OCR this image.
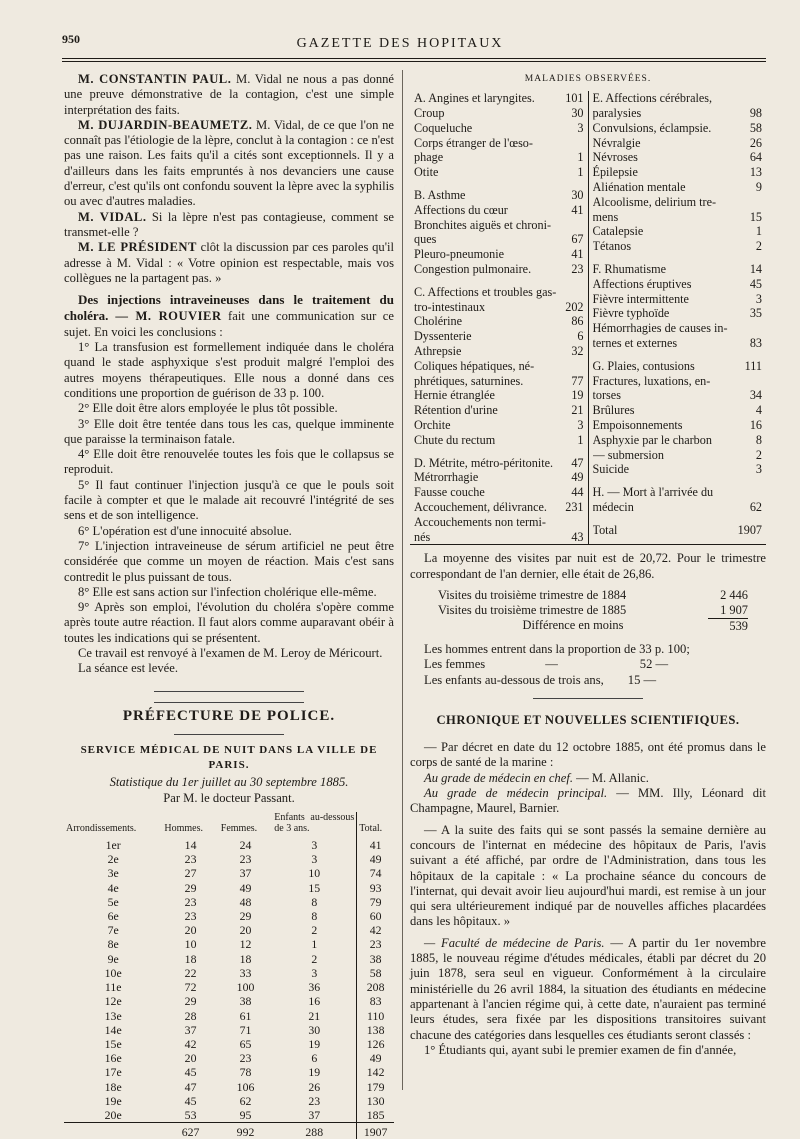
950	GAZETTE DES HOPITAUX

M. CONSTANTIN PAUL. M. Vidal ne nous a pas donné une preuve démonstrative de la contagion, c'est une simple interprétation des faits.

M. DUJARDIN-BEAUMETZ. M. Vidal, de ce que l'on ne connaît pas l'étiologie de la lèpre, conclut à la contagion : ce n'est pas une raison. Les faits qu'il a cités sont exceptionnels. Il y a d'ailleurs dans les faits empruntés à nos devanciers une cause d'erreur, c'est qu'ils ont confondu souvent la lèpre avec la syphilis ou avec d'autres maladies.

M. VIDAL. Si la lèpre n'est pas contagieuse, comment se transmet-elle ?

M. LE PRÉSIDENT clôt la discussion par ces paroles qu'il adresse à M. Vidal : « Votre opinion est respectable, mais vos collègues ne la partagent pas. »

Des injections intraveineuses dans le traitement du choléra. — M. ROUVIER fait une communication sur ce sujet. En voici les conclusions :

1° La transfusion est formellement indiquée dans le choléra quand le stade asphyxique s'est produit malgré l'emploi des autres moyens thérapeutiques. Elle nous a donné dans ces conditions une proportion de guérison de 33 p. 100.

2° Elle doit être alors employée le plus tôt possible.

3° Elle doit être tentée dans tous les cas, quelque imminente que paraisse la terminaison fatale.

4° Elle doit être renouvelée toutes les fois que le collapsus se reproduit.

5° Il faut continuer l'injection jusqu'à ce que le pouls soit facile à compter et que le malade ait recouvré l'intégrité de ses sens et de son intelligence.

6° L'opération est d'une innocuité absolue.

7° L'injection intraveineuse de sérum artificiel ne peut être considérée que comme un moyen de réaction. Mais c'est sans contredit le plus puissant de tous.

8° Elle est sans action sur l'infection cholérique elle-même.

9° Après son emploi, l'évolution du choléra s'opère comme après toute autre réaction. Il faut alors comme auparavant obéir à toutes les indications qui se présentent.

Ce travail est renvoyé à l'examen de M. Leroy de Méricourt.

La séance est levée.

PRÉFECTURE DE POLICE.
SERVICE MÉDICAL DE NUIT DANS LA VILLE DE PARIS.

Statistique du 1er juillet au 30 septembre 1885.

Par M. le docteur Passant.

Arrondissements.	Hommes.	Femmes.	Enfants au-dessous de 3 ans.	Total.
1er	14	24	3	41
2e	23	23	3	49
3e	27	37	10	74
4e	29	49	15	93
5e	23	48	8	79
6e	23	29	8	60
7e	20	20	2	42
8e	10	12	1	23
9e	18	18	2	38
10e	22	33	3	58
11e	72	100	36	208
12e	29	38	16	83
13e	28	61	21	110
14e	37	71	30	138
15e	42	65	19	126
16e	20	23	6	49
17e	45	78	19	142
18e	47	106	26	179
19e	45	62	23	130
20e	53	95	37	185
	627	992	288	1907
MALADIES OBSERVÉES.
A. Angines et laryngites.	101
Croup	30
Coqueluche	3
Corps étranger de l'œso-
phage	1
Otite	1
B. Asthme	30
Affections du cœur	41
Bronchites aiguës et chroni-
ques	67
Pleuro-pneumonie	41
Congestion pulmonaire.	23
C. Affections et troubles gas-
tro-intestinaux	202
Cholérine	86
Dyssenterie	6
Athrepsie	32
Coliques hépatiques, né-
phrétiques, saturnines.	77
Hernie étranglée	19
Rétention d'urine	21
Orchite	3
Chute du rectum	1
D. Métrite, métro-péritonite.	47
Métrorrhagie	49
Fausse couche	44
Accouchement, délivrance.	231
Accouchements non termi-
nés	43
E. Affections cérébrales,
paralysies	98
Convulsions, éclampsie.	58
Névralgie	26
Névroses	64
Épilepsie	13
Aliénation mentale	9
Alcoolisme, delirium tre-
mens	15
Catalepsie	1
Tétanos	2
F. Rhumatisme	14
Affections éruptives	45
Fièvre intermittente	3
Fièvre typhoïde	35
Hémorrhagies de causes in-
ternes et externes	83
G. Plaies, contusions	111
Fractures, luxations, en-
torses	34
Brûlures	4
Empoisonnements	16
Asphyxie par le charbon	8
— submersion	2
Suicide	3
H. — Mort à l'arrivée du
médecin	62
Total	1907

La moyenne des visites par nuit est de 20,72. Pour le trimestre correspondant de l'an dernier, elle était de 26,86.

Visites du troisième trimestre de 1884	2 446
Visites du troisième trimestre de 1885	1 907
Différence en moins	539

Les hommes entrent dans la proportion de 33 p. 100;

Les femmes	—	52 —

Les enfants au-dessous de trois ans, 15 —

CHRONIQUE ET NOUVELLES SCIENTIFIQUES.

— Par décret en date du 12 octobre 1885, ont été promus dans le corps de santé de la marine :

Au grade de médecin en chef. — M. Allanic.

Au grade de médecin principal. — MM. Illy, Léonard dit Champagne, Maurel, Barnier.

— A la suite des faits qui se sont passés la semaine dernière au concours de l'internat en médecine des hôpitaux de Paris, l'avis suivant a été affiché, par ordre de l'Administration, dans tous les hôpitaux de la capitale : « La prochaine séance du concours de l'internat, qui devait avoir lieu aujourd'hui mardi, est remise à un jour qui sera ultérieurement indiqué par de nouvelles affiches placardées dans les hôpitaux. »

— Faculté de médecine de Paris. — A partir du 1er novembre 1885, le nouveau régime d'études médicales, établi par décret du 20 juin 1878, sera seul en vigueur. Conformément à la circulaire ministérielle du 26 avril 1884, la situation des étudiants en médecine appartenant à l'ancien régime qui, à cette date, n'auraient pas terminé leurs études, sera fixée par les dispositions transitoires suivant chacune des catégories dans lesquelles ces étudiants seront classés :

1° Étudiants qui, ayant subi le premier examen de fin d'année,
